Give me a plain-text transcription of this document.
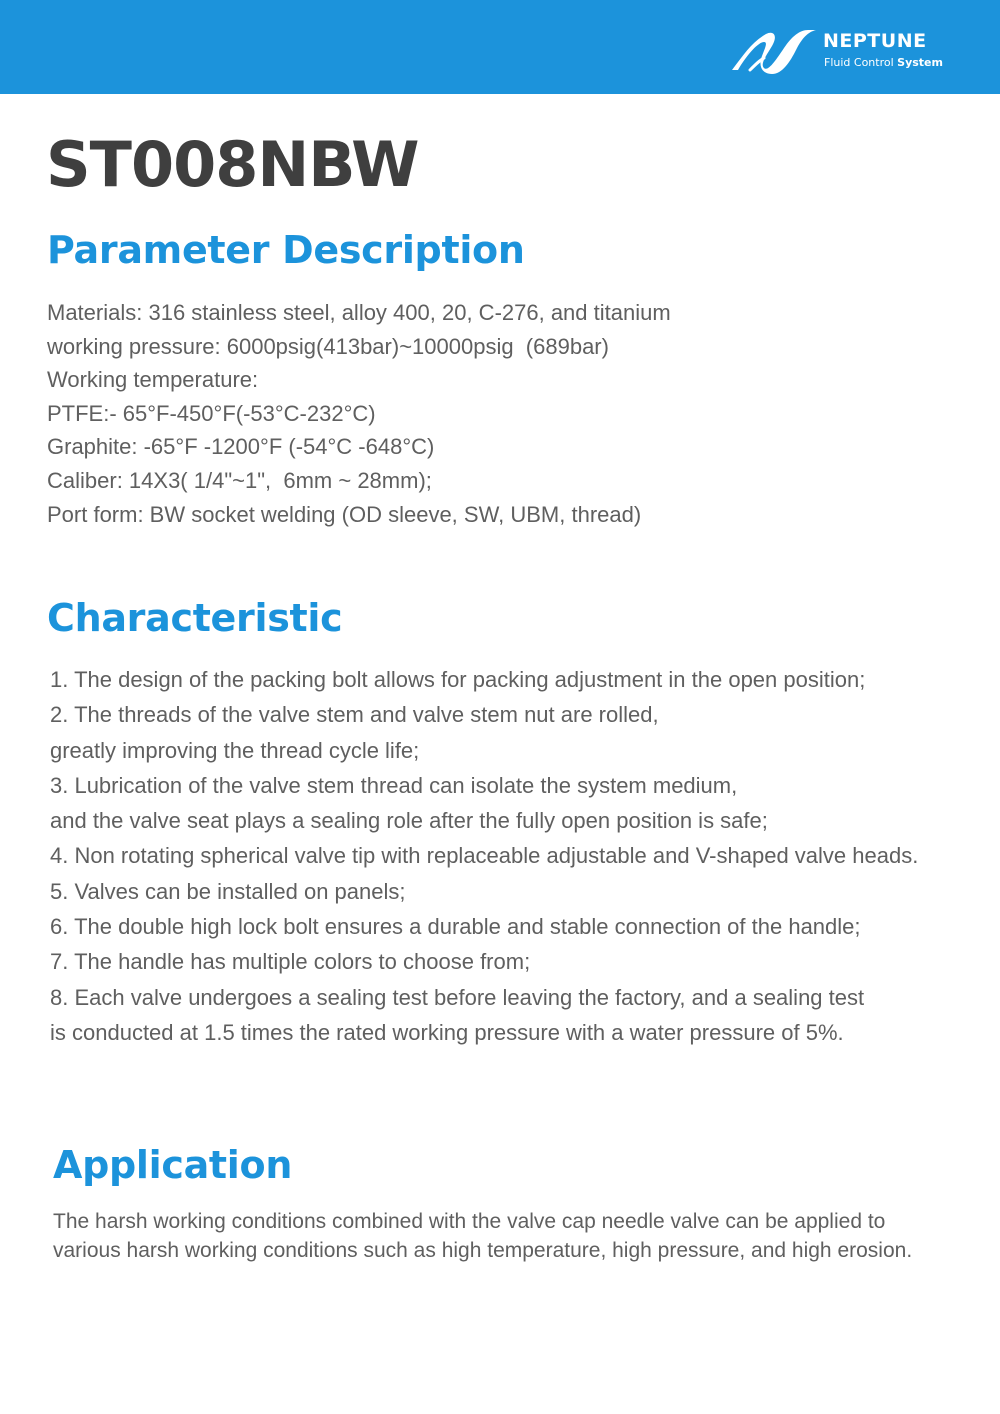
NEPTUNE
Fluid Control System
ST008NBW
Parameter Description
Materials: 316 stainless steel, alloy 400, 20, C-276, and titanium
working pressure: 6000psig(413bar)~10000psig  (689bar)
Working temperature:
PTFE:- 65°F-450°F(-53°C-232°C)
Graphite: -65°F -1200°F (-54°C -648°C)
Caliber: 14X3( 1/4"~1",  6mm ~ 28mm);
Port form: BW socket welding (OD sleeve, SW, UBM, thread)
Characteristic
1. The design of the packing bolt allows for packing adjustment in the open position;
2. The threads of the valve stem and valve stem nut are rolled,
greatly improving the thread cycle life;
3. Lubrication of the valve stem thread can isolate the system medium,
and the valve seat plays a sealing role after the fully open position is safe;
4. Non rotating spherical valve tip with replaceable adjustable and V-shaped valve heads.
5. Valves can be installed on panels;
6. The double high lock bolt ensures a durable and stable connection of the handle;
7. The handle has multiple colors to choose from;
8. Each valve undergoes a sealing test before leaving the factory, and a sealing test
is conducted at 1.5 times the rated working pressure with a water pressure of 5%.
Application

The harsh working conditions combined with the valve cap needle valve can be applied to various harsh working conditions such as high temperature, high pressure, and high erosion.
